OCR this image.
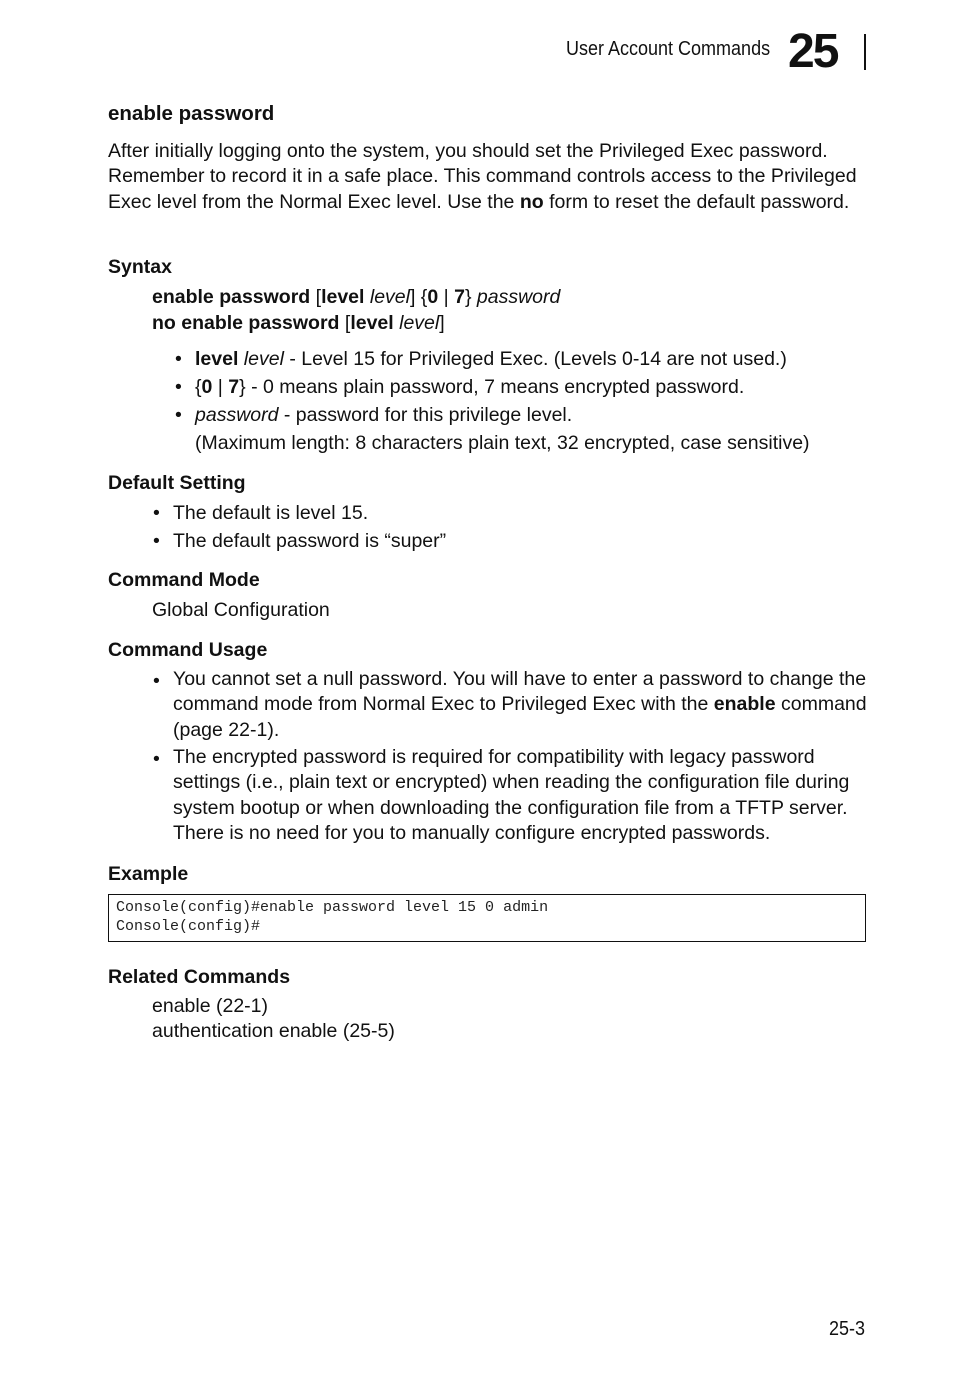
User Account Commands 25
enable password
After initially logging onto the system, you should set the Privileged Exec password. Remember to record it in a safe place. This command controls access to the Privileged Exec level from the Normal Exec level. Use the no form to reset the default password.
Syntax
enable password [level level] {0 | 7} password
no enable password [level level]
• level level - Level 15 for Privileged Exec. (Levels 0-14 are not used.)
• {0 | 7} - 0 means plain password, 7 means encrypted password.
• password - password for this privilege level.
(Maximum length: 8 characters plain text, 32 encrypted, case sensitive)
Default Setting
• The default is level 15.
• The default password is “super”
Command Mode
Global Configuration
Command Usage
• You cannot set a null password. You will have to enter a password to change the command mode from Normal Exec to Privileged Exec with the enable command (page 22-1).
• The encrypted password is required for compatibility with legacy password settings (i.e., plain text or encrypted) when reading the configuration file during system bootup or when downloading the configuration file from a TFTP server. There is no need for you to manually configure encrypted passwords.
Example
Console(config)#enable password level 15 0 admin
Console(config)#
Related Commands
enable (22-1)
authentication enable (25-5)
25-3
